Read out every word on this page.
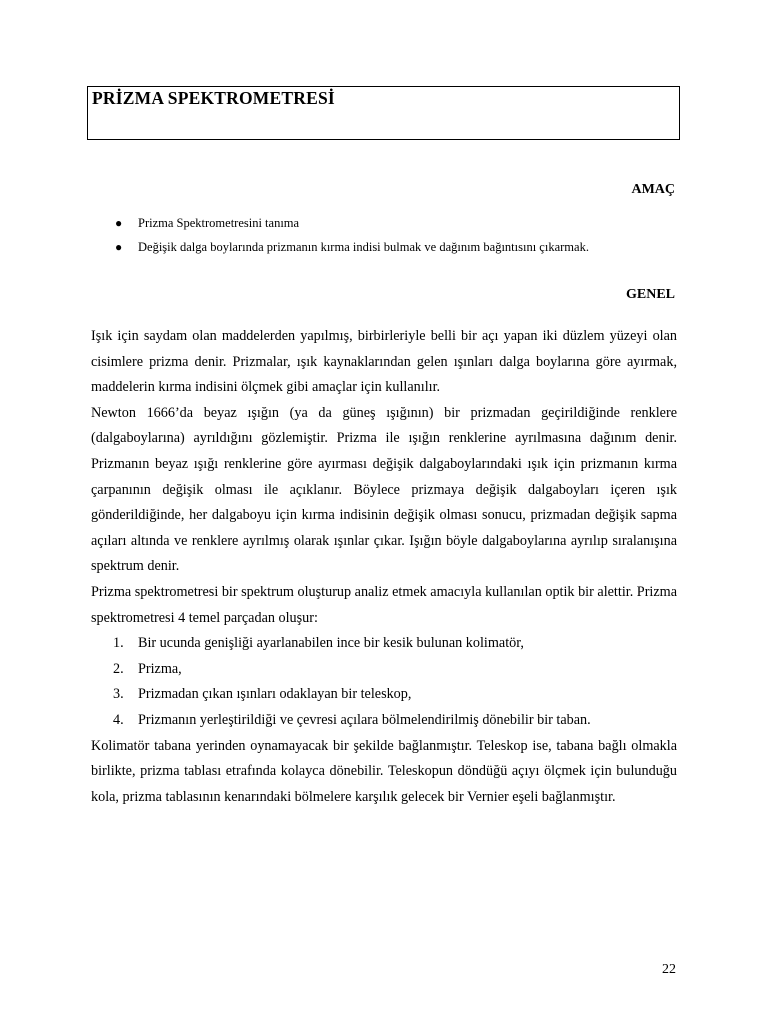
PRİZMA SPEKTROMETRESİ
AMAÇ
● Prizma Spektrometresini tanıma
● Değişik dalga boylarında prizmanın kırma indisi bulmak ve dağınım bağıntısını çıkarmak.
GENEL

Işık için saydam olan maddelerden yapılmış, birbirleriyle belli bir açı yapan iki düzlem yüzeyi olan cisimlere prizma denir. Prizmalar, ışık kaynaklarından gelen ışınları dalga boylarına göre ayırmak, maddelerin kırma indisini ölçmek gibi amaçlar için kullanılır.

Newton 1666’da beyaz ışığın (ya da güneş ışığının) bir prizmadan geçirildiğinde renklere (dalgaboylarına) ayrıldığını gözlemiştir. Prizma ile ışığın renklerine ayrılmasına dağınım denir. Prizmanın beyaz ışığı renklerine göre ayırması değişik dalgaboylarındaki ışık için prizmanın kırma çarpanının değişik olması ile açıklanır. Böylece prizmaya değişik dalgaboyları içeren ışık gönderildiğinde, her dalgaboyu için kırma indisinin değişik olması sonucu, prizmadan değişik sapma açıları altında ve renklere ayrılmış olarak ışınlar çıkar. Işığın böyle dalgaboylarına ayrılıp sıralanışına spektrum denir.

Prizma spektrometresi bir spektrum oluşturup analiz etmek amacıyla kullanılan optik bir alettir. Prizma spektrometresi 4 temel parçadan oluşur:

1. Bir ucunda genişliği ayarlanabilen ince bir kesik bulunan kolimatör,
2. Prizma,
3. Prizmadan çıkan ışınları odaklayan bir teleskop,
4. Prizmanın yerleştirildiği ve çevresi açılara bölmelendirilmiş dönebilir bir taban.

Kolimatör tabana yerinden oynamayacak bir şekilde bağlanmıştır. Teleskop ise, tabana bağlı olmakla birlikte, prizma tablası etrafında kolayca dönebilir. Teleskopun döndüğü açıyı ölçmek için bulunduğu kola, prizma tablasının kenarındaki bölmelere karşılık gelecek bir Vernier eşeli bağlanmıştır.

22
